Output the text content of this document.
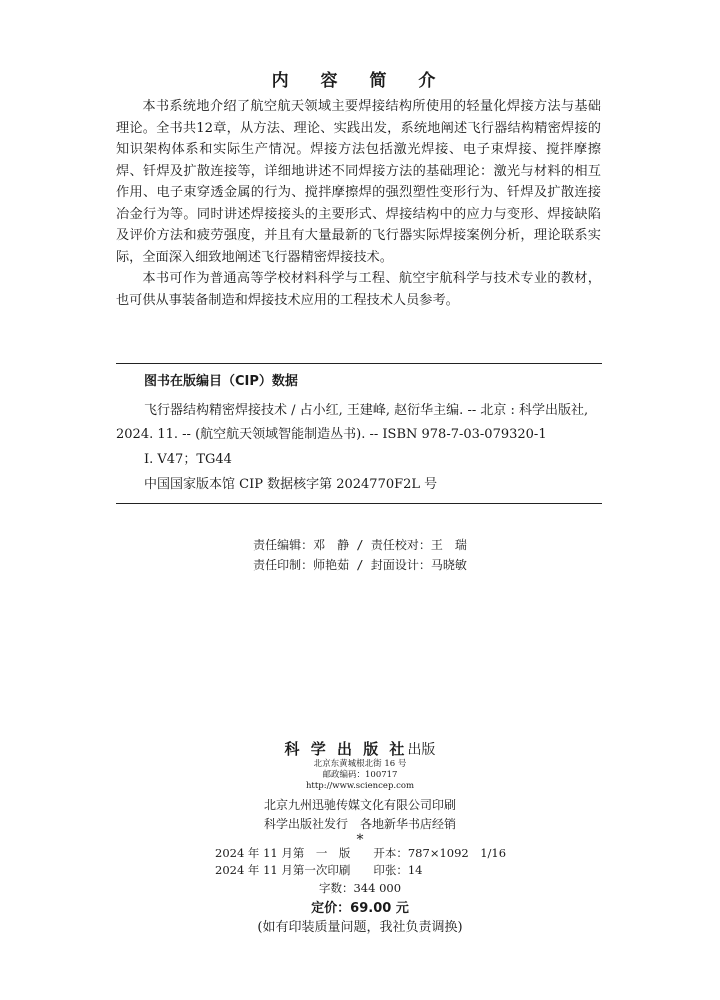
内 容 简 介

本书系统地介绍了航空航天领域主要焊接结构所使用的轻量化焊接方法与基础理论。全书共12章，从方法、理论、实践出发，系统地阐述飞行器结构精密焊接的知识架构体系和实际生产情况。焊接方法包括激光焊接、电子束焊接、搅拌摩擦焊、钎焊及扩散连接等，详细地讲述不同焊接方法的基础理论：激光与材料的相互作用、电子束穿透金属的行为、搅拌摩擦焊的强烈塑性变形行为、钎焊及扩散连接冶金行为等。同时讲述焊接接头的主要形式、焊接结构中的应力与变形、焊接缺陷及评价方法和疲劳强度，并且有大量最新的飞行器实际焊接案例分析，理论联系实际，全面深入细致地阐述飞行器精密焊接技术。

本书可作为普通高等学校材料科学与工程、航空宇航科学与技术专业的教材，也可供从事装备制造和焊接技术应用的工程技术人员参考。

图书在版编目（CIP）数据
飞行器结构精密焊接技术 / 占小红, 王建峰, 赵衍华主编. -- 北京 : 科学出版社, 2024. 11. -- (航空航天领域智能制造丛书). -- ISBN 978-7-03-079320-1
I. V47；TG44
中国国家版本馆 CIP 数据核字第 2024770F2L 号
责任编辑：邓　静 / 责任校对：王　瑞
责任印制：师艳茹 / 封面设计：马晓敏
科 学 出 版 社出版
北京东黄城根北街 16 号
邮政编码：100717
http://www.sciencep.com
北京九州迅驰传媒文化有限公司印刷
科学出版社发行　各地新华书店经销
*
2024 年 11 月第　一　版　　开本：787×1092　1/16
2024 年 11 月第一次印刷　　印张：14
字数：344 000
定价：69.00 元
(如有印装质量问题，我社负责调换)
